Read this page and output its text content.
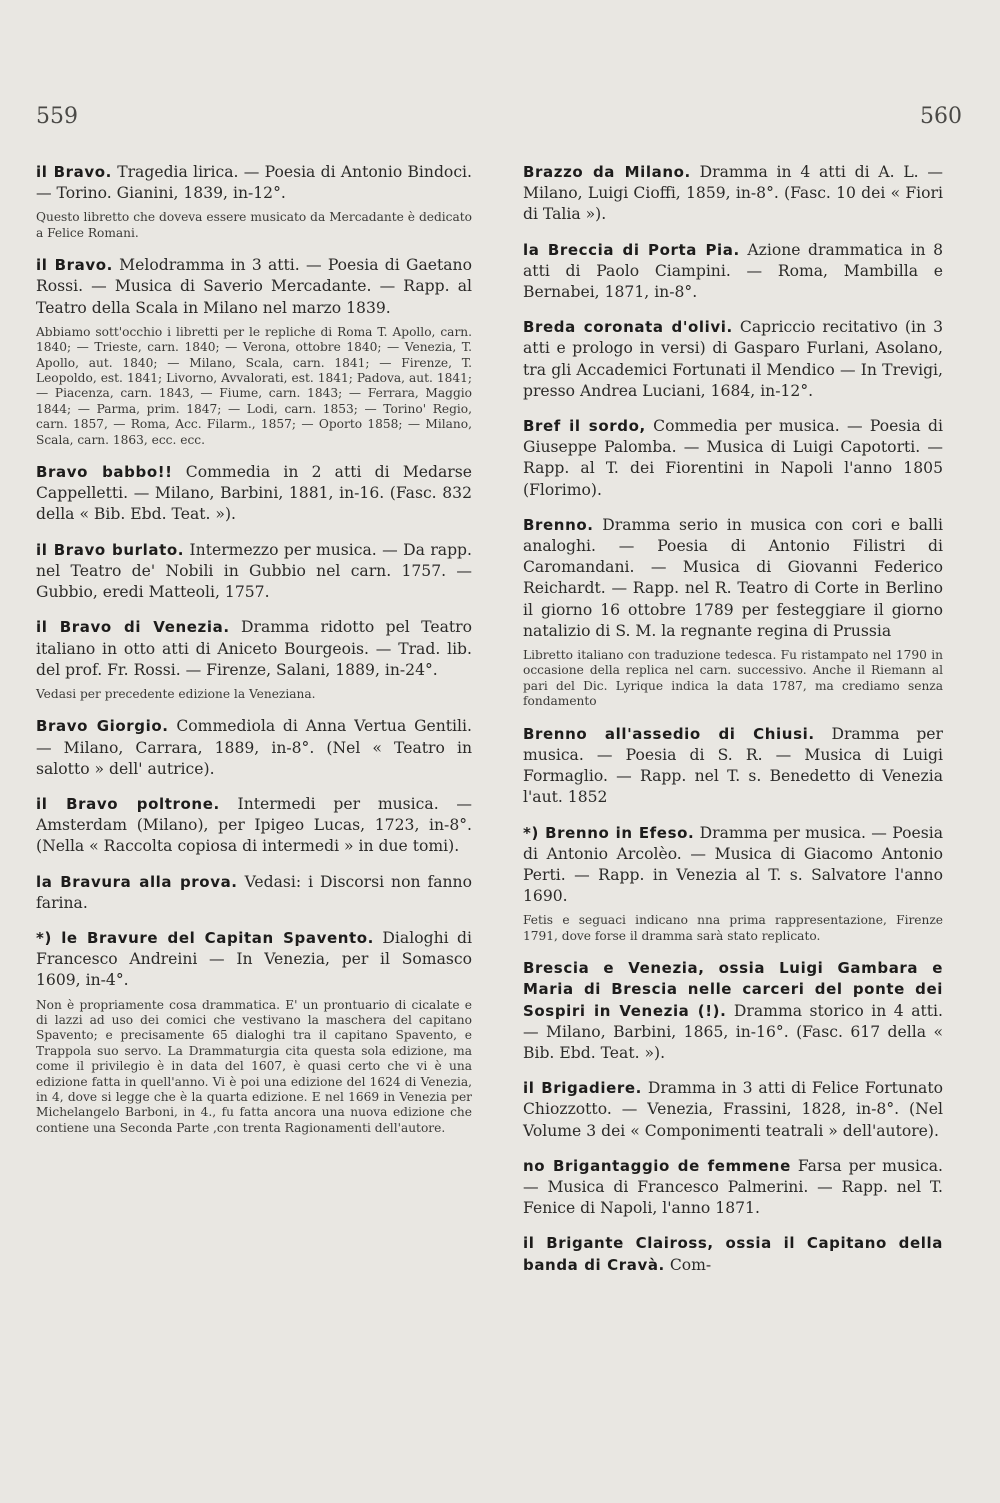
559	560
il Bravo. Tragedia lirica. — Poesia di Antonio Bindoci. — Torino. Gianini, 1839, in-12°.
Questo libretto che doveva essere musicato da Mercadante è dedicato a Felice Romani.
il Bravo. Melodramma in 3 atti. — Poesia di Gaetano Rossi. — Musica di Saverio Mercadante. — Rapp. al Teatro della Scala in Milano nel marzo 1839.
Abbiamo sott'occhio i libretti per le repliche di Roma T. Apollo, carn. 1840; — Trieste, carn. 1840; — Verona, ottobre 1840; — Venezia, T. Apollo, aut. 1840; — Milano, Scala, carn. 1841; — Firenze, T. Leopoldo, est. 1841; Livorno, Avvalorati, est. 1841; Padova, aut. 1841; — Piacenza, carn. 1843, — Fiume, carn. 1843; — Ferrara, Maggio 1844; — Parma, prim. 1847; — Lodi, carn. 1853; — Torino' Regio, carn. 1857, — Roma, Acc. Filarm., 1857; — Oporto 1858; — Milano, Scala, carn. 1863, ecc. ecc.
Bravo babbo!! Commedia in 2 atti di Medarse Cappelletti. — Milano, Barbini, 1881, in-16. (Fasc. 832 della « Bib. Ebd. Teat. »).
il Bravo burlato. Intermezzo per musica. — Da rapp. nel Teatro de' Nobili in Gubbio nel carn. 1757. — Gubbio, eredi Matteoli, 1757.
il Bravo di Venezia. Dramma ridotto pel Teatro italiano in otto atti di Aniceto Bourgeois. — Trad. lib. del prof. Fr. Rossi. — Firenze, Salani, 1889, in-24°.
Vedasi per precedente edizione la Veneziana.
Bravo Giorgio. Commediola di Anna Vertua Gentili. — Milano, Carrara, 1889, in-8°. (Nel « Teatro in salotto » dell' autrice).
il Bravo poltrone. Intermedi per musica. — Amsterdam (Milano), per Ipigeo Lucas, 1723, in-8°. (Nella « Raccolta copiosa di intermedi » in due tomi).
la Bravura alla prova. Vedasi: i Discorsi non fanno farina.
*) le Bravure del Capitan Spavento. Dialoghi di Francesco Andreini — In Venezia, per il Somasco 1609, in-4°.
Non è propriamente cosa drammatica. E' un prontuario di cicalate e di lazzi ad uso dei comici che vestivano la maschera del capitano Spavento; e precisamente 65 dialoghi tra il capitano Spavento, e Trappola suo servo. La Drammaturgia cita questa sola edizione, ma come il privilegio è in data del 1607, è quasi certo che vi è una edizione fatta in quell'anno. Vi è poi una edizione del 1624 di Venezia, in 4, dove si legge che è la quarta edizione. E nel 1669 in Venezia per Michelangelo Barboni, in 4., fu fatta ancora una nuova edizione che contiene una Seconda Parte ,con trenta Ragionamenti dell'autore.
Brazzo da Milano. Dramma in 4 atti di A. L. — Milano, Luigi Cioffi, 1859, in-8°. (Fasc. 10 dei « Fiori di Talia »).
la Breccia di Porta Pia. Azione drammatica in 8 atti di Paolo Ciampini. — Roma, Mambilla e Bernabei, 1871, in-8°.
Breda coronata d'olivi. Capriccio recitativo (in 3 atti e prologo in versi) di Gasparo Furlani, Asolano, tra gli Accademici Fortunati il Mendico — In Trevigi, presso Andrea Luciani, 1684, in-12°.
Bref il sordo, Commedia per musica. — Poesia di Giuseppe Palomba. — Musica di Luigi Capotorti. — Rapp. al T. dei Fiorentini in Napoli l'anno 1805 (Florimo).
Brenno. Dramma serio in musica con cori e balli analoghi. — Poesia di Antonio Filistri di Caromandani. — Musica di Giovanni Federico Reichardt. — Rapp. nel R. Teatro di Corte in Berlino il giorno 16 ottobre 1789 per festeggiare il giorno natalizio di S. M. la regnante regina di Prussia
Libretto italiano con traduzione tedesca. Fu ristampato nel 1790 in occasione della replica nel carn. successivo. Anche il Riemann al pari del Dic. Lyrique indica la data 1787, ma crediamo senza fondamento
Brenno all'assedio di Chiusi. Dramma per musica. — Poesia di S. R. — Musica di Luigi Formaglio. — Rapp. nel T. s. Benedetto di Venezia l'aut. 1852
*) Brenno in Efeso. Dramma per musica. — Poesia di Antonio Arcolèo. — Musica di Giacomo Antonio Perti. — Rapp. in Venezia al T. s. Salvatore l'anno 1690.
Fetis e seguaci indicano nna prima rappresentazione, Firenze 1791, dove forse il dramma sarà stato replicato.
Brescia e Venezia, ossia Luigi Gambara e Maria di Brescia nelle carceri del ponte dei Sospiri in Venezia (!). Dramma storico in 4 atti. — Milano, Barbini, 1865, in-16°. (Fasc. 617 della « Bib. Ebd. Teat. »).
il Brigadiere. Dramma in 3 atti di Felice Fortunato Chiozzotto. — Venezia, Frassini, 1828, in-8°. (Nel Volume 3 dei « Componimenti teatrali » dell'autore).
no Brigantaggio de femmene Farsa per musica. — Musica di Francesco Palmerini. — Rapp. nel T. Fenice di Napoli, l'anno 1871.
il Brigante Claiross, ossia il Capitano della banda di Cravà. Com-
